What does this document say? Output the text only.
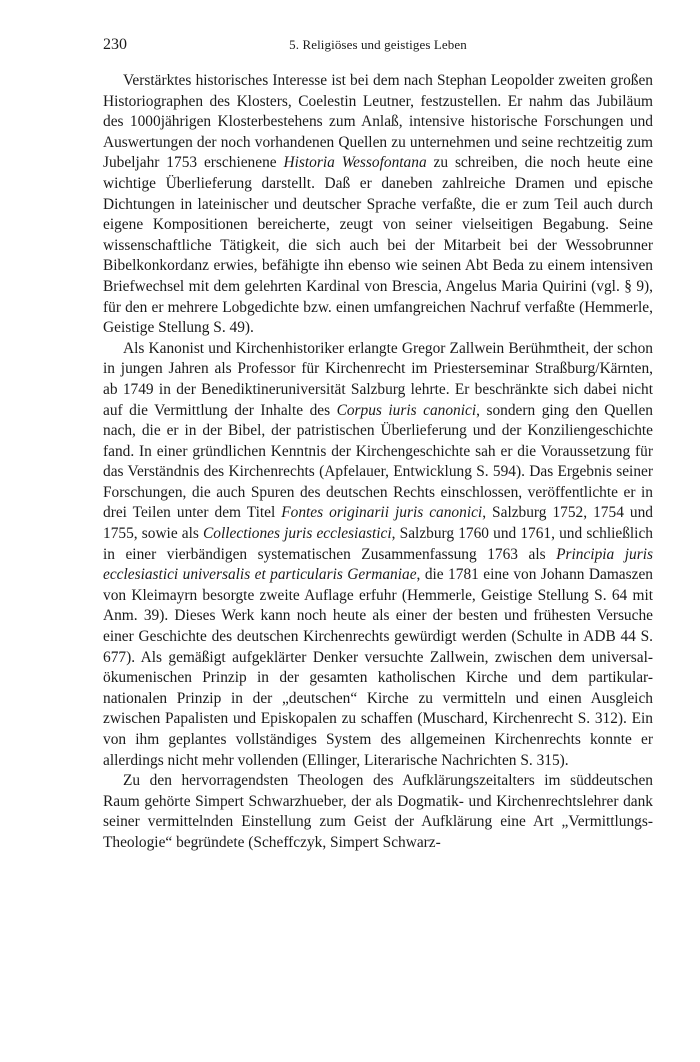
230	5. Religiöses und geistiges Leben

Verstärktes historisches Interesse ist bei dem nach Stephan Leopolder zweiten großen Historiographen des Klosters, Coelestin Leutner, festzustellen. Er nahm das Jubiläum des 1000jährigen Klosterbestehens zum Anlaß, intensive historische Forschungen und Auswertungen der noch vorhandenen Quellen zu unternehmen und seine rechtzeitig zum Jubeljahr 1753 erschienene Historia Wessofontana zu schreiben, die noch heute eine wichtige Überlieferung darstellt. Daß er daneben zahlreiche Dramen und epische Dichtungen in lateinischer und deutscher Sprache verfaßte, die er zum Teil auch durch eigene Kompositionen bereicherte, zeugt von seiner vielseitigen Begabung. Seine wissenschaftliche Tätigkeit, die sich auch bei der Mitarbeit bei der Wessobrunner Bibelkonkordanz erwies, befähigte ihn ebenso wie seinen Abt Beda zu einem intensiven Briefwechsel mit dem gelehrten Kardinal von Brescia, Angelus Maria Quirini (vgl. § 9), für den er mehrere Lobgedichte bzw. einen umfangreichen Nachruf verfaßte (Hemmerle, Geistige Stellung S. 49).

Als Kanonist und Kirchenhistoriker erlangte Gregor Zallwein Berühmtheit, der schon in jungen Jahren als Professor für Kirchenrecht im Priesterseminar Straßburg/Kärnten, ab 1749 in der Benediktineruniversität Salzburg lehrte. Er beschränkte sich dabei nicht auf die Vermittlung der Inhalte des Corpus iuris canonici, sondern ging den Quellen nach, die er in der Bibel, der patristischen Überlieferung und der Konziliengeschichte fand. In einer gründlichen Kenntnis der Kirchengeschichte sah er die Voraussetzung für das Verständnis des Kirchenrechts (Apfelauer, Entwicklung S. 594). Das Ergebnis seiner Forschungen, die auch Spuren des deutschen Rechts einschlossen, veröffentlichte er in drei Teilen unter dem Titel Fontes originarii juris canonici, Salzburg 1752, 1754 und 1755, sowie als Collectiones juris ecclesiastici, Salzburg 1760 und 1761, und schließlich in einer vierbändigen systematischen Zusammenfassung 1763 als Principia juris ecclesiastici universalis et particularis Germaniae, die 1781 eine von Johann Damaszen von Kleimayrn besorgte zweite Auflage erfuhr (Hemmerle, Geistige Stellung S. 64 mit Anm. 39). Dieses Werk kann noch heute als einer der besten und frühesten Versuche einer Geschichte des deutschen Kirchenrechts gewürdigt werden (Schulte in ADB 44 S. 677). Als gemäßigt aufgeklärter Denker versuchte Zallwein, zwischen dem universal-ökumenischen Prinzip in der gesamten katholischen Kirche und dem partikular-nationalen Prinzip in der „deutschen“ Kirche zu vermitteln und einen Ausgleich zwischen Papalisten und Episkopalen zu schaffen (Muschard, Kirchenrecht S. 312). Ein von ihm geplantes vollständiges System des allgemeinen Kirchenrechts konnte er allerdings nicht mehr vollenden (Ellinger, Literarische Nachrichten S. 315).

Zu den hervorragendsten Theologen des Aufklärungszeitalters im süddeutschen Raum gehörte Simpert Schwarzhueber, der als Dogmatik- und Kirchenrechtslehrer dank seiner vermittelnden Einstellung zum Geist der Aufklärung eine Art „Vermittlungs-Theologie“ begründete (Scheffczyk, Simpert Schwarz-
